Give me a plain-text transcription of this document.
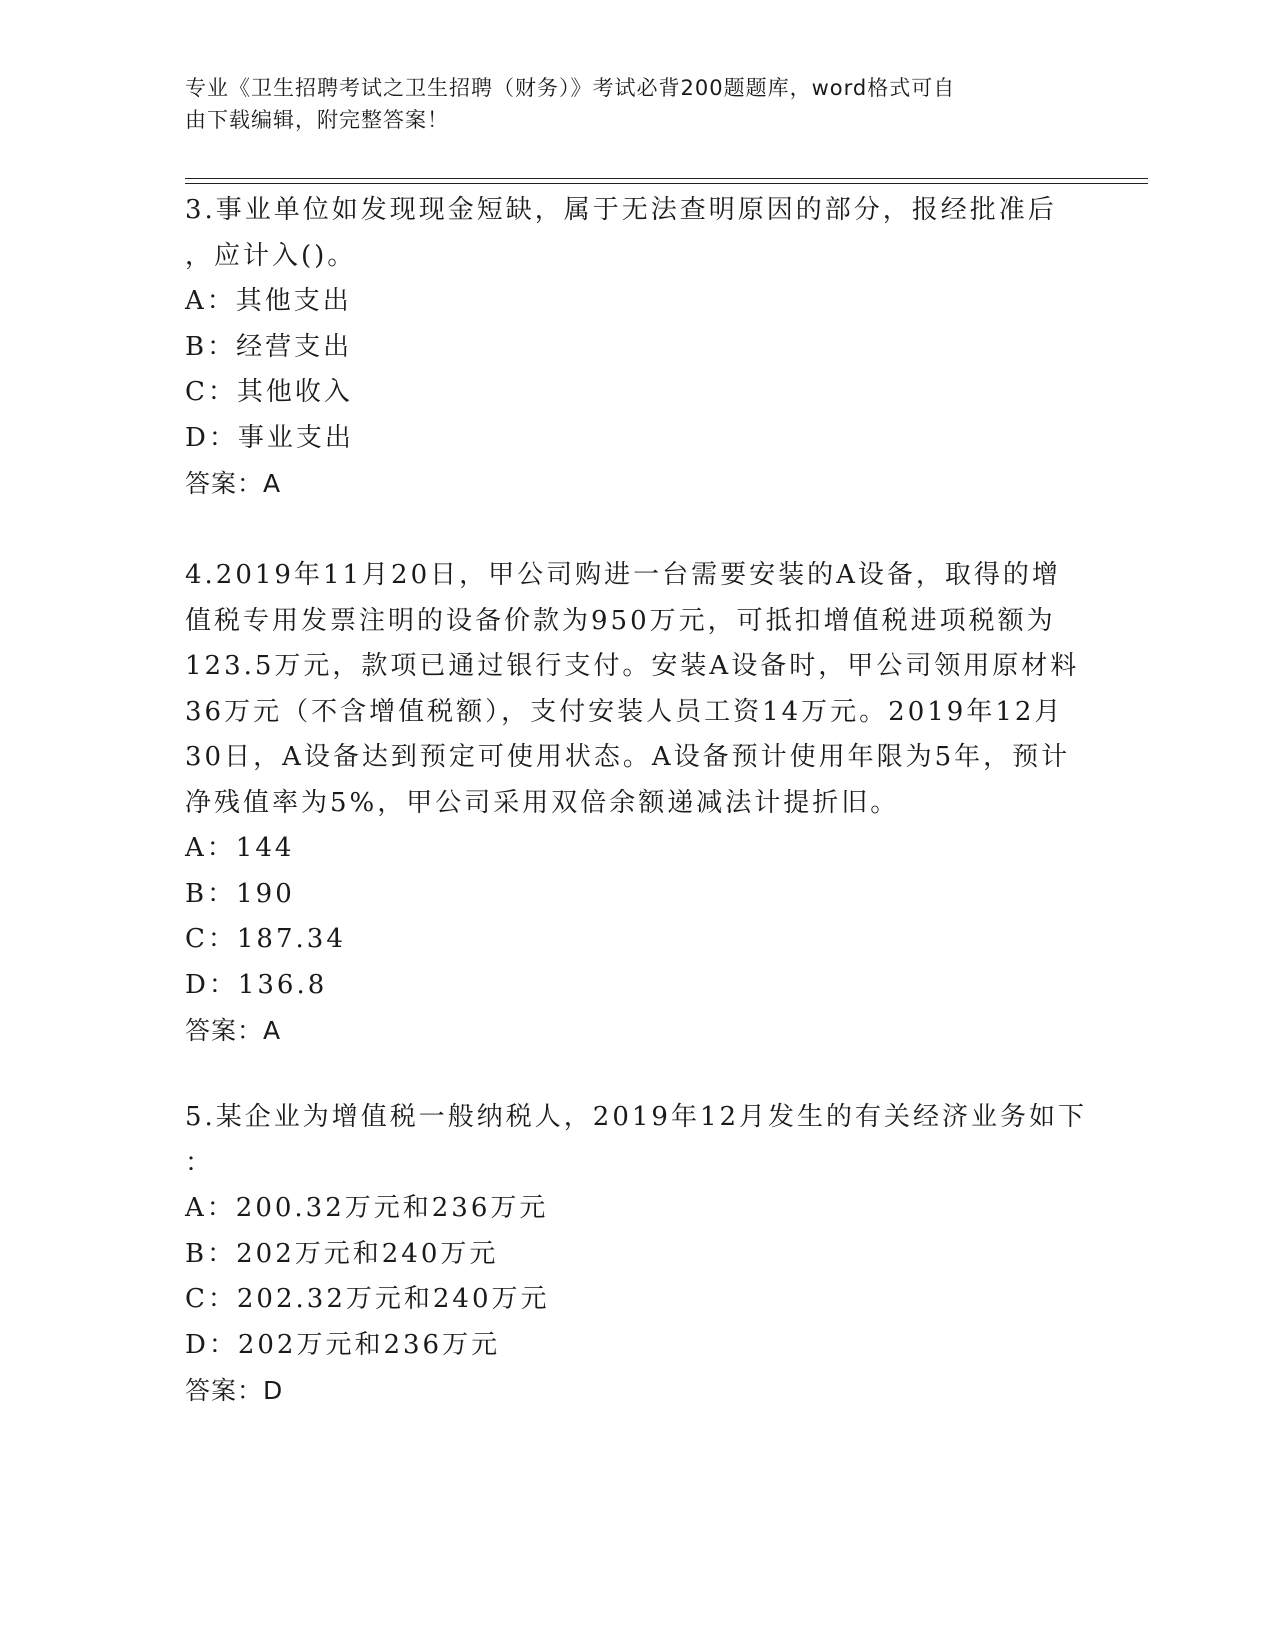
专业《卫生招聘考试之卫生招聘（财务）》考试必背200题题库，word格式可自
由下载编辑，附完整答案！
3.事业单位如发现现金短缺，属于无法查明原因的部分，报经批准后
，应计入()。
A：其他支出
B：经营支出
C：其他收入
D：事业支出
答案：A
4.2019年11月20日，甲公司购进一台需要安装的A设备，取得的增
值税专用发票注明的设备价款为950万元，可抵扣增值税进项税额为
123.5万元，款项已通过银行支付。安装A设备时，甲公司领用原材料
36万元（不含增值税额），支付安装人员工资14万元。2019年12月
30日，A设备达到预定可使用状态。A设备预计使用年限为5年，预计
净残值率为5%，甲公司采用双倍余额递减法计提折旧。
A：144
B：190
C：187.34
D：136.8
答案：A
5.某企业为增值税一般纳税人，2019年12月发生的有关经济业务如下
：
A：200.32万元和236万元
B：202万元和240万元
C：202.32万元和240万元
D：202万元和236万元
答案：D
